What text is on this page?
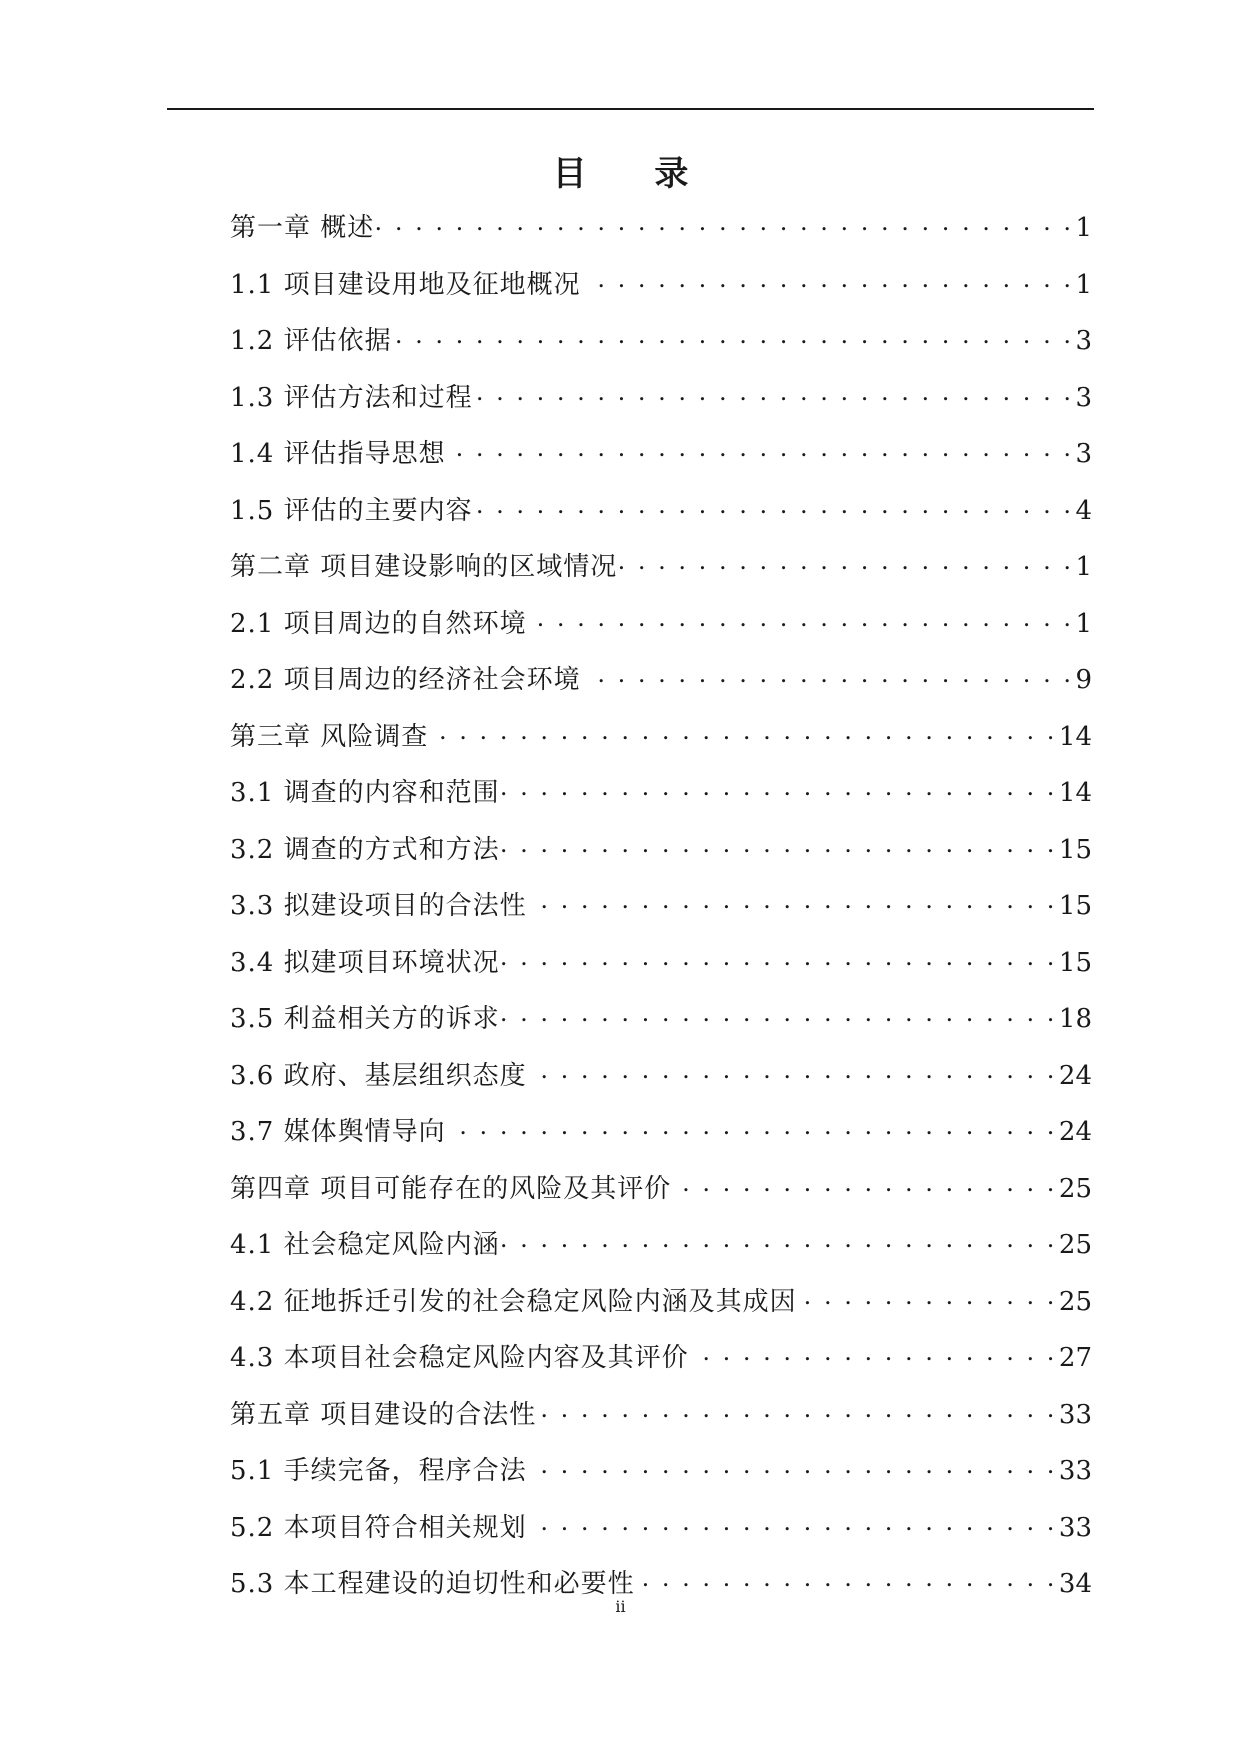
目 录
第一章 概述 . . .	1
1.1 项目建设用地及征地概况 . . .	1
1.2 评估依据 . . .	3
1.3 评估方法和过程 . . .	3
1.4 评估指导思想 . . .	3
1.5 评估的主要内容 . . .	4
第二章 项目建设影响的区域情况 . . .	1
2.1 项目周边的自然环境 . . .	1
2.2 项目周边的经济社会环境 . . .	9
第三章 风险调查 . . .	14
3.1 调查的内容和范围 . . .	14
3.2 调查的方式和方法 . . .	15
3.3 拟建设项目的合法性 . . .	15
3.4 拟建项目环境状况 . . .	15
3.5 利益相关方的诉求 . . .	18
3.6 政府、基层组织态度 . . .	24
3.7 媒体舆情导向 . . .	24
第四章 项目可能存在的风险及其评价 . . .	25
4.1 社会稳定风险内涵 . . .	25
4.2 征地拆迁引发的社会稳定风险内涵及其成因 . . .	25
4.3 本项目社会稳定风险内容及其评价 . . .	27
第五章 项目建设的合法性 . . .	33
5.1 手续完备，程序合法 . . .	33
5.2 本项目符合相关规划 . . .	33
5.3 本工程建设的迫切性和必要性 . . .	34
ii
